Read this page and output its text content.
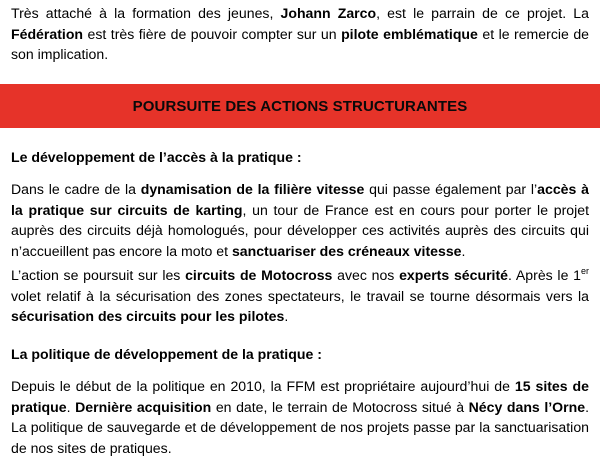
Très attaché à la formation des jeunes, Johann Zarco, est le parrain de ce projet. La Fédération est très fière de pouvoir compter sur un pilote emblématique et le remercie de son implication.

POURSUITE DES ACTIONS STRUCTURANTES

Le développement de l’accès à la pratique :

Dans le cadre de la dynamisation de la filière vitesse qui passe également par l’accès à la pratique sur circuits de karting, un tour de France est en cours pour porter le projet auprès des circuits déjà homologués, pour développer ces activités auprès des circuits qui n’accueillent pas encore la moto et sanctuariser des créneaux vitesse.

L’action se poursuit sur les circuits de Motocross avec nos experts sécurité. Après le 1er volet relatif à la sécurisation des zones spectateurs, le travail se tourne désormais vers la sécurisation des circuits pour les pilotes.

La politique de développement de la pratique :

Depuis le début de la politique en 2010, la FFM est propriétaire aujourd’hui de 15 sites de pratique. Dernière acquisition en date, le terrain de Motocross situé à Nécy dans l’Orne. La politique de sauvegarde et de développement de nos projets passe par la sanctuarisation de nos sites de pratiques.
